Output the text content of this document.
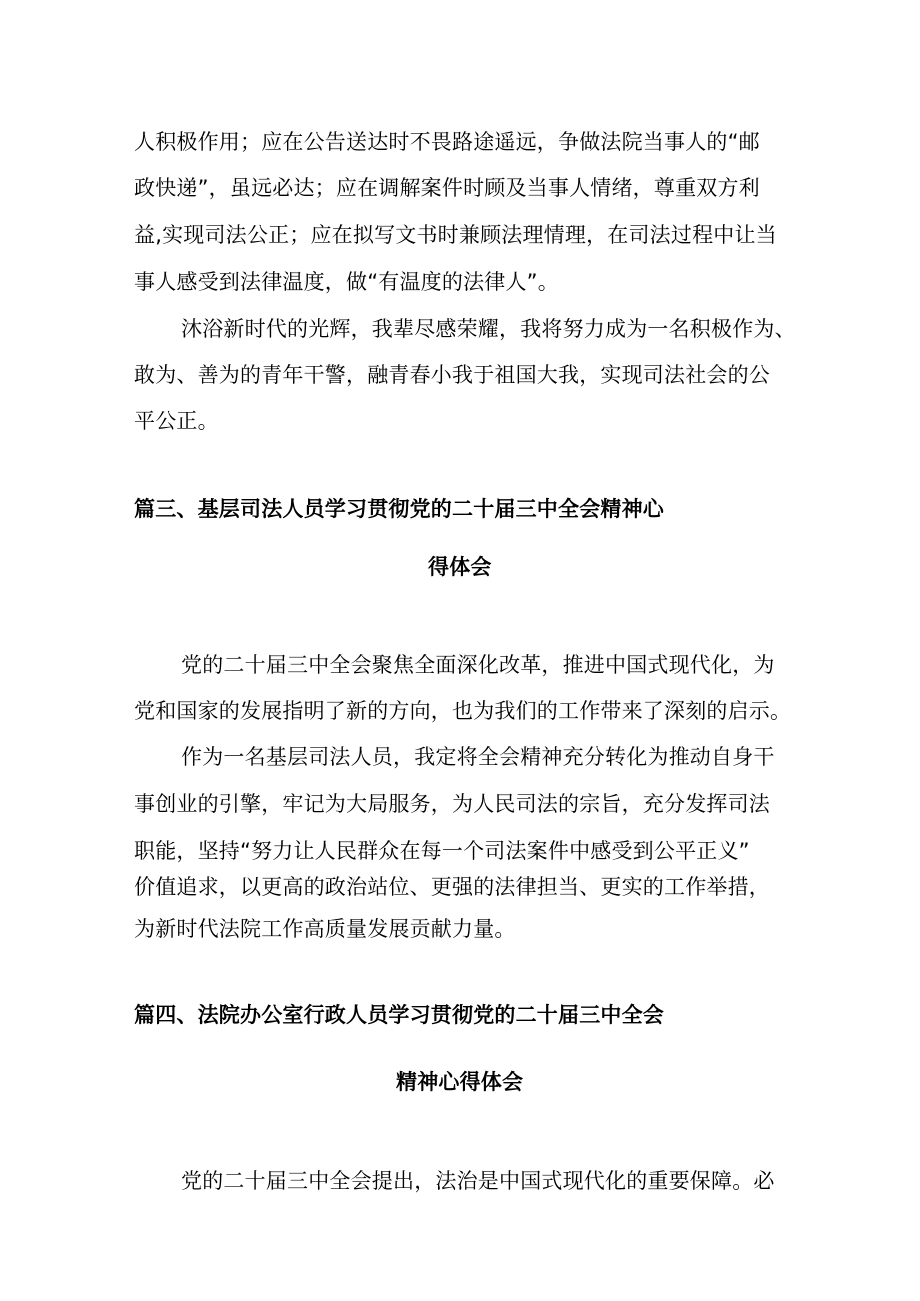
人积极作用；应在公告送达时不畏路途遥远，争做法院当事人的“邮
政快递”，虽远必达；应在调解案件时顾及当事人情绪，尊重双方利
益,实现司法公正；应在拟写文书时兼顾法理情理，在司法过程中让当
事人感受到法律温度，做“有温度的法律人”。
沐浴新时代的光辉，我辈尽感荣耀，我将努力成为一名积极作为、
敢为、善为的青年干警，融青春小我于祖国大我，实现司法社会的公
平公正。
篇三、基层司法人员学习贯彻党的二十届三中全会精神心
得体会
党的二十届三中全会聚焦全面深化改革，推进中国式现代化，为
党和国家的发展指明了新的方向，也为我们的工作带来了深刻的启示。
作为一名基层司法人员，我定将全会精神充分转化为推动自身干
事创业的引擎，牢记为大局服务，为人民司法的宗旨，充分发挥司法
职能，坚持“努力让人民群众在每一个司法案件中感受到公平正义”
价值追求，以更高的政治站位、更强的法律担当、更实的工作举措，
为新时代法院工作高质量发展贡献力量。
篇四、法院办公室行政人员学习贯彻党的二十届三中全会
精神心得体会
党的二十届三中全会提出，法治是中国式现代化的重要保障。必
